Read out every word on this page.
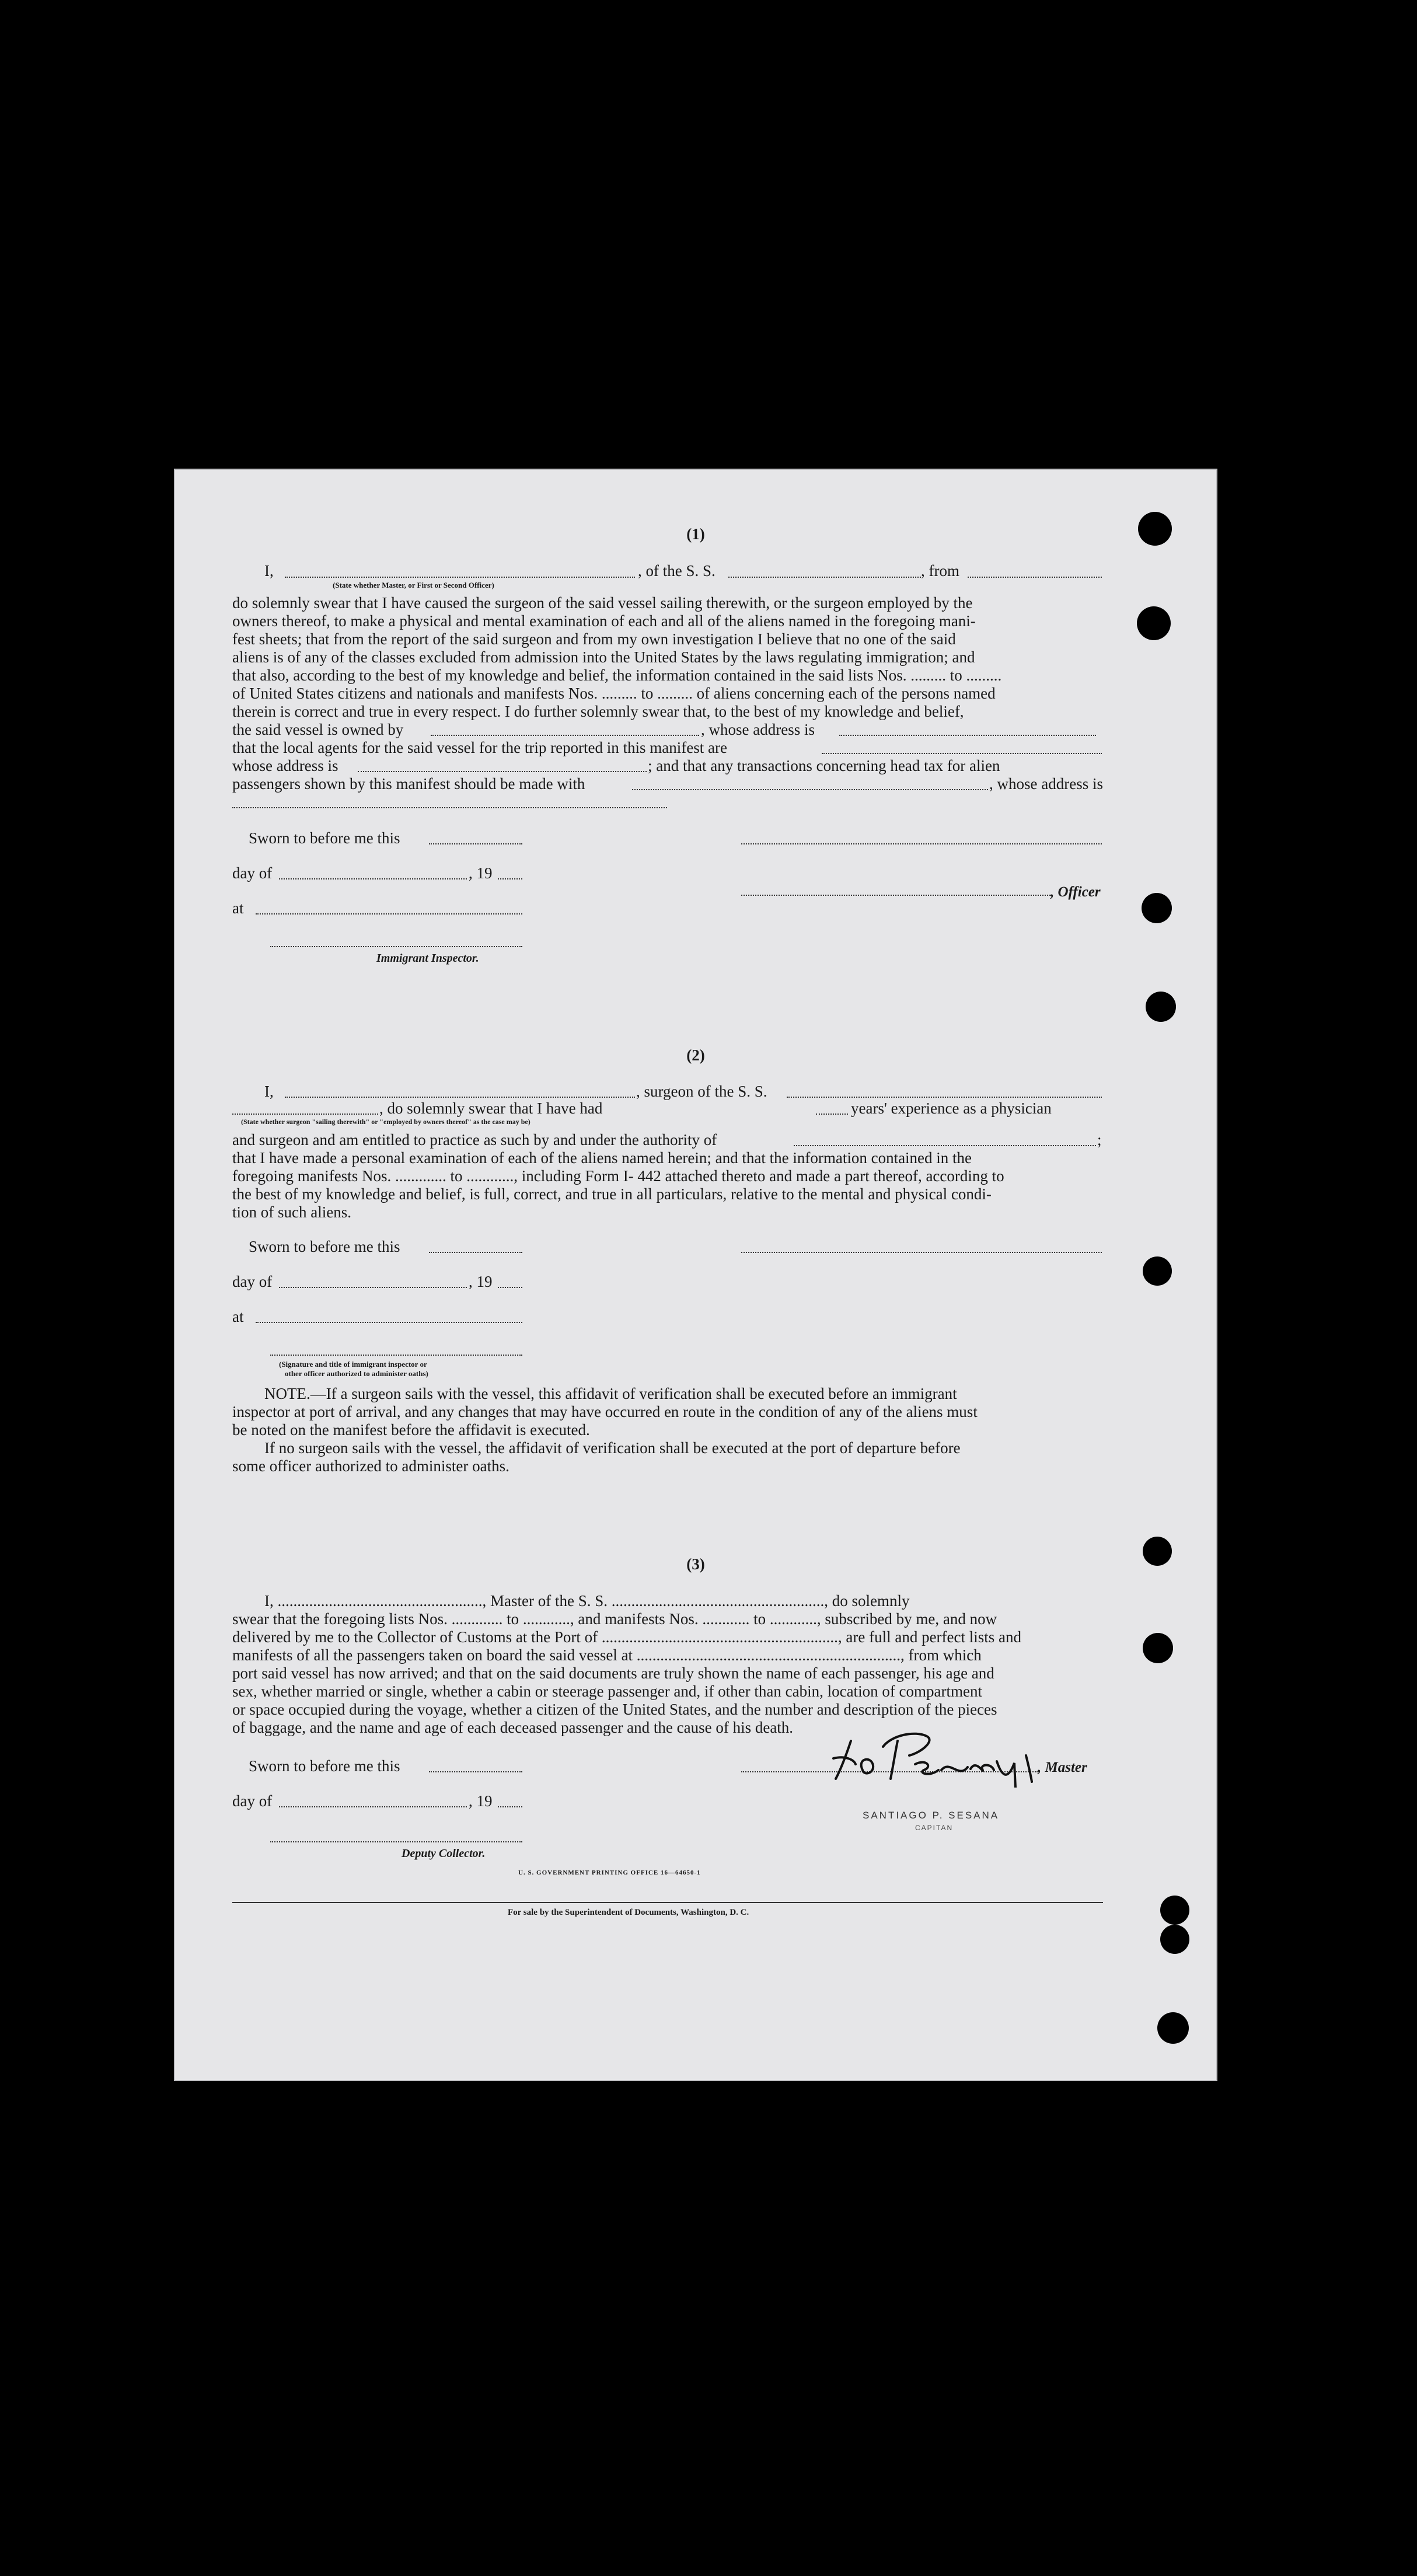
(1)
I,	, of the S. S.	, from
(State whether Master, or First or Second Officer)
do solemnly swear that I have caused the surgeon of the said vessel sailing therewith, or the surgeon employed by the
owners thereof, to make a physical and mental examination of each and all of the aliens named in the foregoing mani-
fest sheets; that from the report of the said surgeon and from my own investigation I believe that no one of the said
aliens is of any of the classes excluded from admission into the United States by the laws regulating immigration; and
that also, according to the best of my knowledge and belief, the information contained in the said lists Nos. ......... to .........
of United States citizens and nationals and manifests Nos. ......... to ......... of aliens concerning each of the persons named
therein is correct and true in every respect. I do further solemnly swear that, to the best of my knowledge and belief,
the said vessel is owned by	, whose address is
that the local agents for the said vessel for the trip reported in this manifest are
whose address is	; and that any transactions concerning head tax for alien
passengers shown by this manifest should be made with	, whose address is
Sworn to before me this
day of	, 19
, Officer
at
Immigrant Inspector.
(2)
I,	, surgeon of the S. S.
, do solemnly swear that I have had	years' experience as a physician
(State whether surgeon "sailing therewith" or "employed by owners thereof" as the case may be)
and surgeon and am entitled to practice as such by and under the authority of	;
that I have made a personal examination of each of the aliens named herein; and that the information contained in the
foregoing manifests Nos. ............. to ............, including Form I- 442 attached thereto and made a part thereof, according to
the best of my knowledge and belief, is full, correct, and true in all particulars, relative to the mental and physical condi-
tion of such aliens.
Sworn to before me this
day of	, 19
at
(Signature and title of immigrant inspector or
other officer authorized to administer oaths)
NOTE.—If a surgeon sails with the vessel, this affidavit of verification shall be executed before an immigrant
inspector at port of arrival, and any changes that may have occurred en route in the condition of any of the aliens must
be noted on the manifest before the affidavit is executed.
If no surgeon sails with the vessel, the affidavit of verification shall be executed at the port of departure before
some officer authorized to administer oaths.
(3)
I, ...................................................., Master of the S. S. ......................................................, do solemnly
swear that the foregoing lists Nos. ............. to ............, and manifests Nos. ............ to ............, subscribed by me, and now
delivered by me to the Collector of Customs at the Port of ............................................................, are full and perfect lists and
manifests of all the passengers taken on board the said vessel at ..................................................................., from which
port said vessel has now arrived; and that on the said documents are truly shown the name of each passenger, his age and
sex, whether married or single, whether a cabin or steerage passenger and, if other than cabin, location of compartment
or space occupied during the voyage, whether a citizen of the United States, and the number and description of the pieces
of baggage, and the name and age of each deceased passenger and the cause of his death.
Sworn to before me this	, Master
day of	, 19
SANTIAGO P. SESANA
CAPITAN
Deputy Collector.
U. S. GOVERNMENT PRINTING OFFICE 16—64650-1
For sale by the Superintendent of Documents, Washington, D. C.
